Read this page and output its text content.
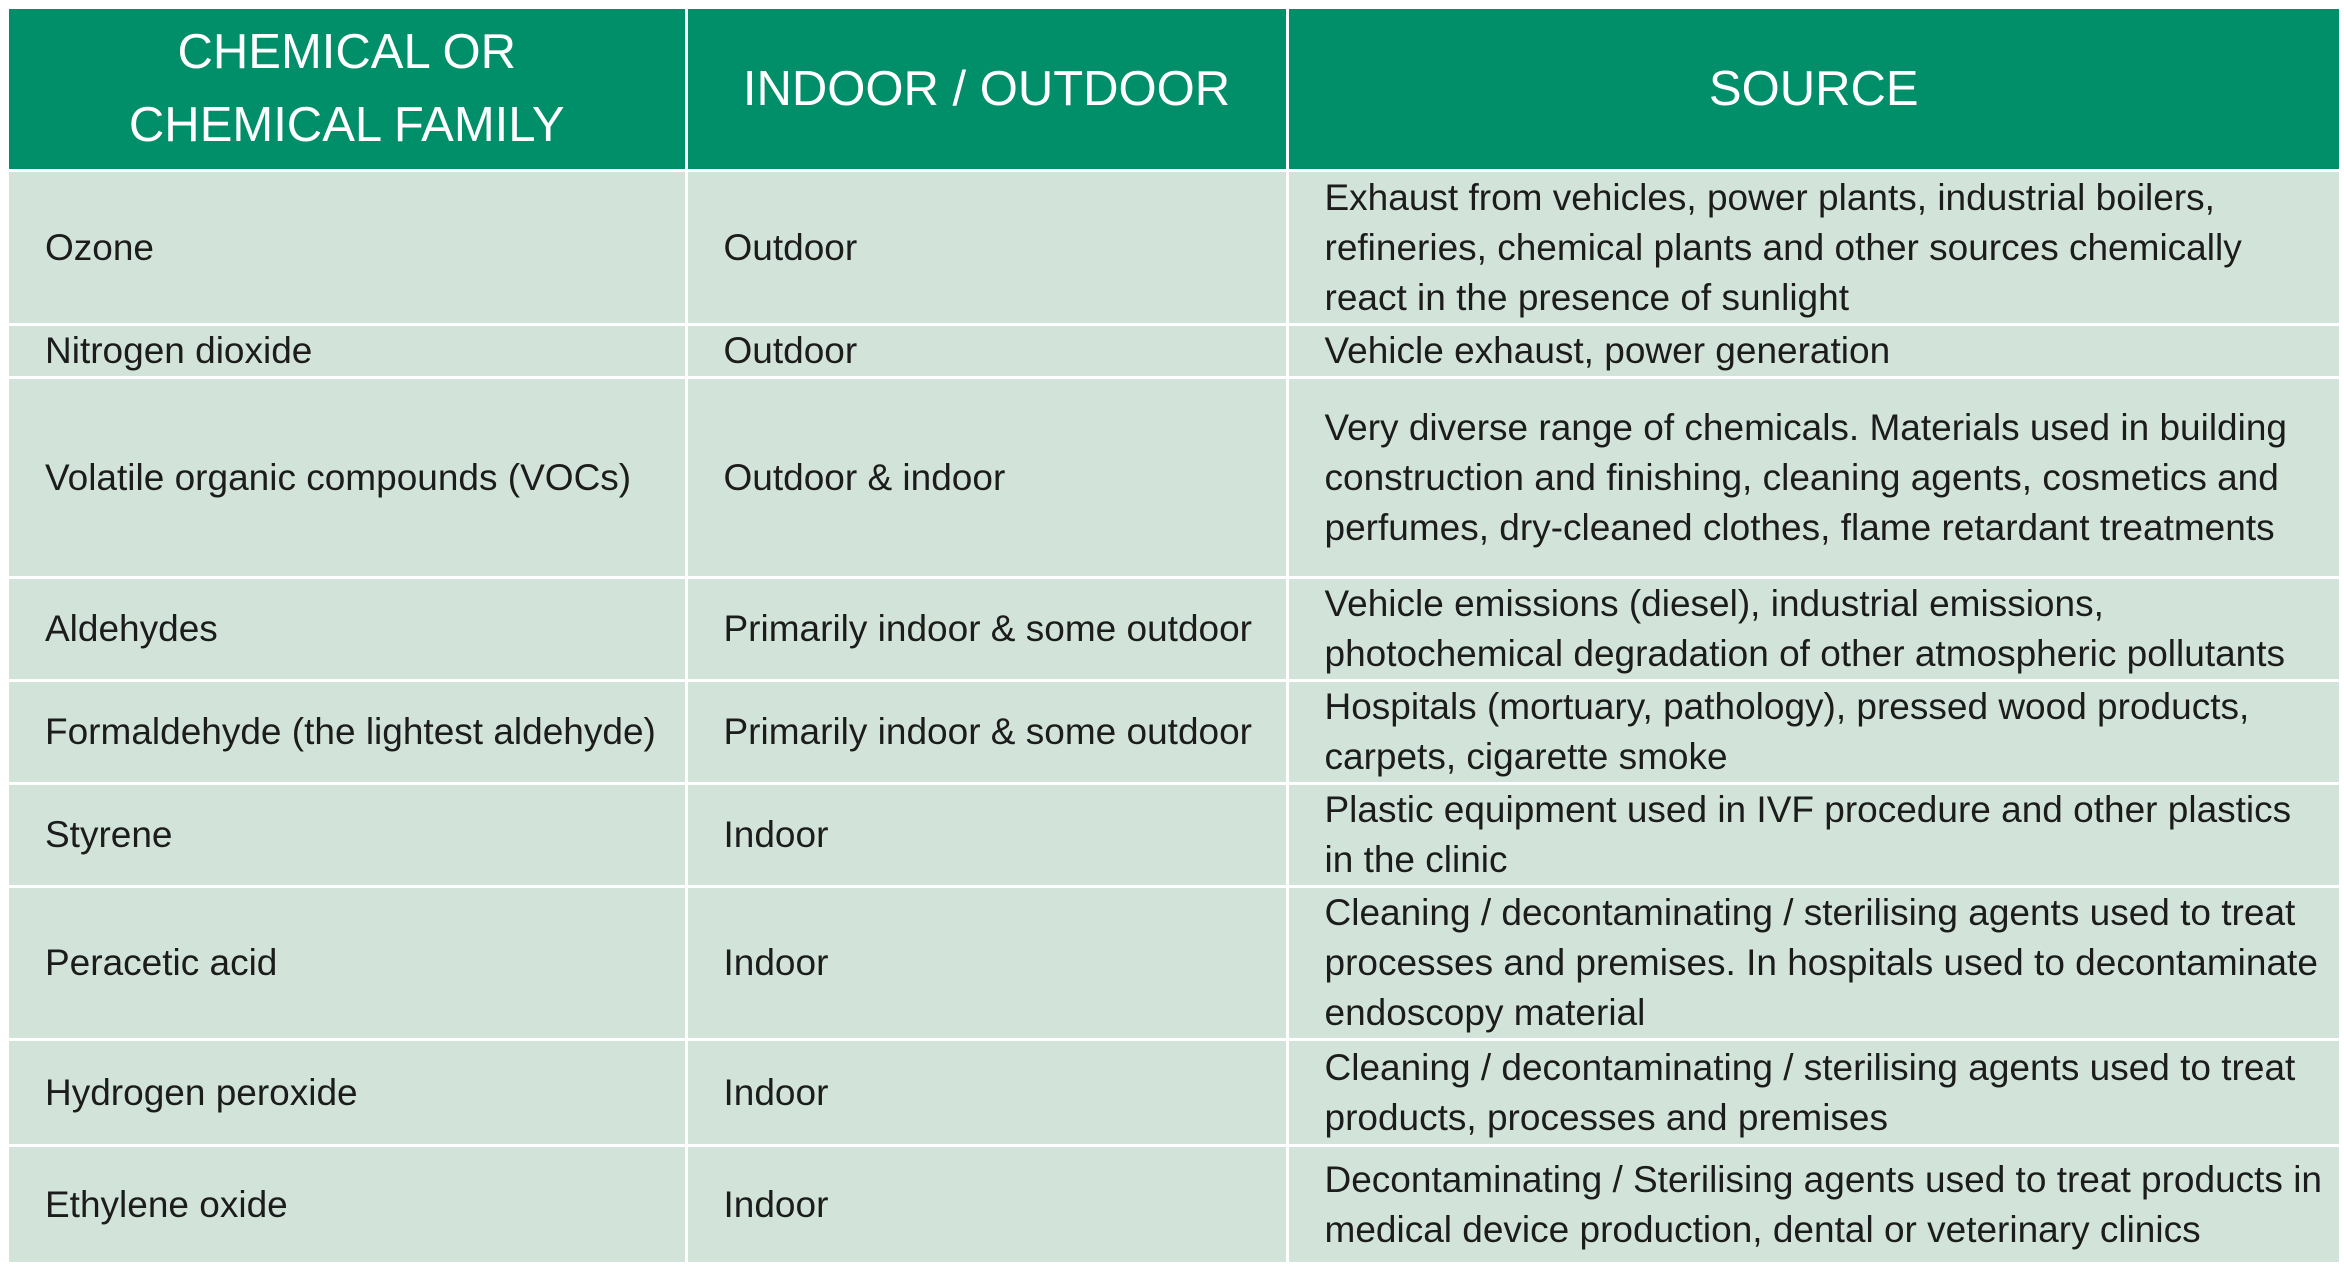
CHEMICAL OR CHEMICAL FAMILY	INDOOR / OUTDOOR	SOURCE
Ozone	Outdoor	Exhaust from vehicles, power plants, industrial boilers, refineries, chemical plants and other sources chemically react in the presence of sunlight
Nitrogen dioxide	Outdoor	Vehicle exhaust, power generation
Volatile organic compounds (VOCs)	Outdoor & indoor	Very diverse range of chemicals. Materials used in building construction and finishing, cleaning agents, cosmetics and perfumes, dry-cleaned clothes, flame retardant treatments
Aldehydes	Primarily indoor & some outdoor	Vehicle emissions (diesel), industrial emissions, photochemical degradation of other atmospheric pollutants
Formaldehyde (the lightest aldehyde)	Primarily indoor & some outdoor	Hospitals (mortuary, pathology), pressed wood products, carpets, cigarette smoke
Styrene	Indoor	Plastic equipment used in IVF procedure and other plastics in the clinic
Peracetic acid	Indoor	Cleaning / decontaminating / sterilising agents used to treat processes and premises. In hospitals used to decontaminate endoscopy material
Hydrogen peroxide	Indoor	Cleaning / decontaminating / sterilising agents used to treat products, processes and premises
Ethylene oxide	Indoor	Decontaminating / Sterilising agents used to treat products in medical device production, dental or veterinary clinics
